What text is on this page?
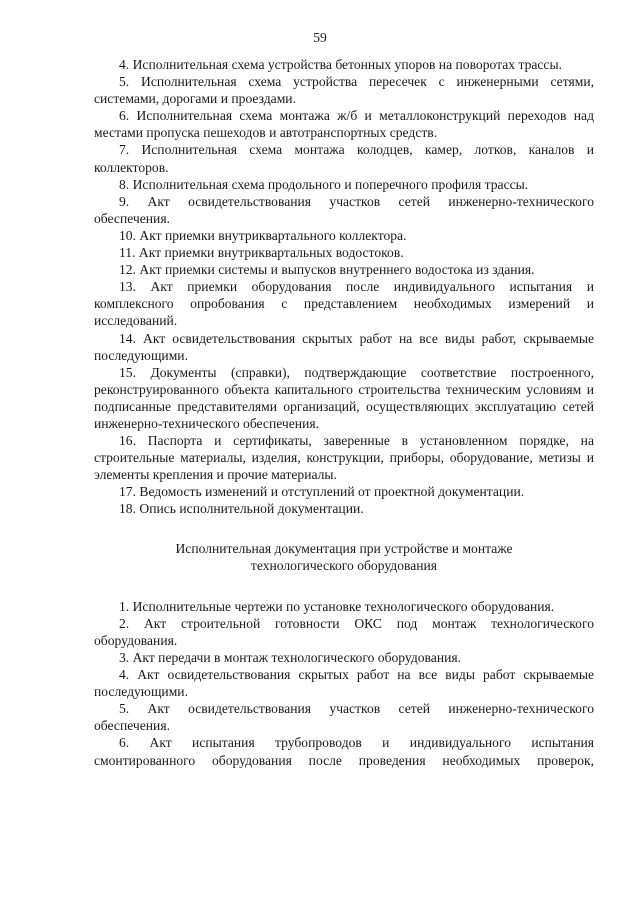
59

4. Исполнительная схема устройства бетонных упоров на поворотах трассы.

5. Исполнительная схема устройства пересечек с инженерными сетями, системами, дорогами и проездами.

6. Исполнительная схема монтажа ж/б и металлоконструкций переходов над местами пропуска пешеходов и автотранспортных средств.

7. Исполнительная схема монтажа колодцев, камер, лотков, каналов и коллекторов.

8. Исполнительная схема продольного и поперечного профиля трассы.

9. Акт освидетельствования участков сетей инженерно-технического обеспечения.

10. Акт приемки внутриквартального коллектора.

11. Акт приемки внутриквартальных водостоков.

12. Акт приемки системы и выпусков внутреннего водостока из здания.

13. Акт приемки оборудования после индивидуального испытания и комплексного опробования с представлением необходимых измерений и исследований.

14. Акт освидетельствования скрытых работ на все виды работ, скрываемые последующими.

15. Документы (справки), подтверждающие соответствие построенного, реконструированного объекта капитального строительства техническим условиям и подписанные представителями организаций, осуществляющих эксплуатацию сетей инженерно-технического обеспечения.

16. Паспорта и сертификаты, заверенные в установленном порядке, на строительные материалы, изделия, конструкции, приборы, оборудование, метизы и элементы крепления и прочие материалы.

17. Ведомость изменений и отступлений от проектной документации.

18. Опись исполнительной документации.

Исполнительная документация при устройстве и монтаже
технологического оборудования

1. Исполнительные чертежи по установке технологического оборудования.

2. Акт строительной готовности ОКС под монтаж технологического оборудования.

3. Акт передачи в монтаж технологического оборудования.

4. Акт освидетельствования скрытых работ на все виды работ скрываемые последующими.

5. Акт освидетельствования участков сетей инженерно-технического обеспечения.

6. Акт испытания трубопроводов и индивидуального испытания смонтированного оборудования после проведения необходимых проверок,
